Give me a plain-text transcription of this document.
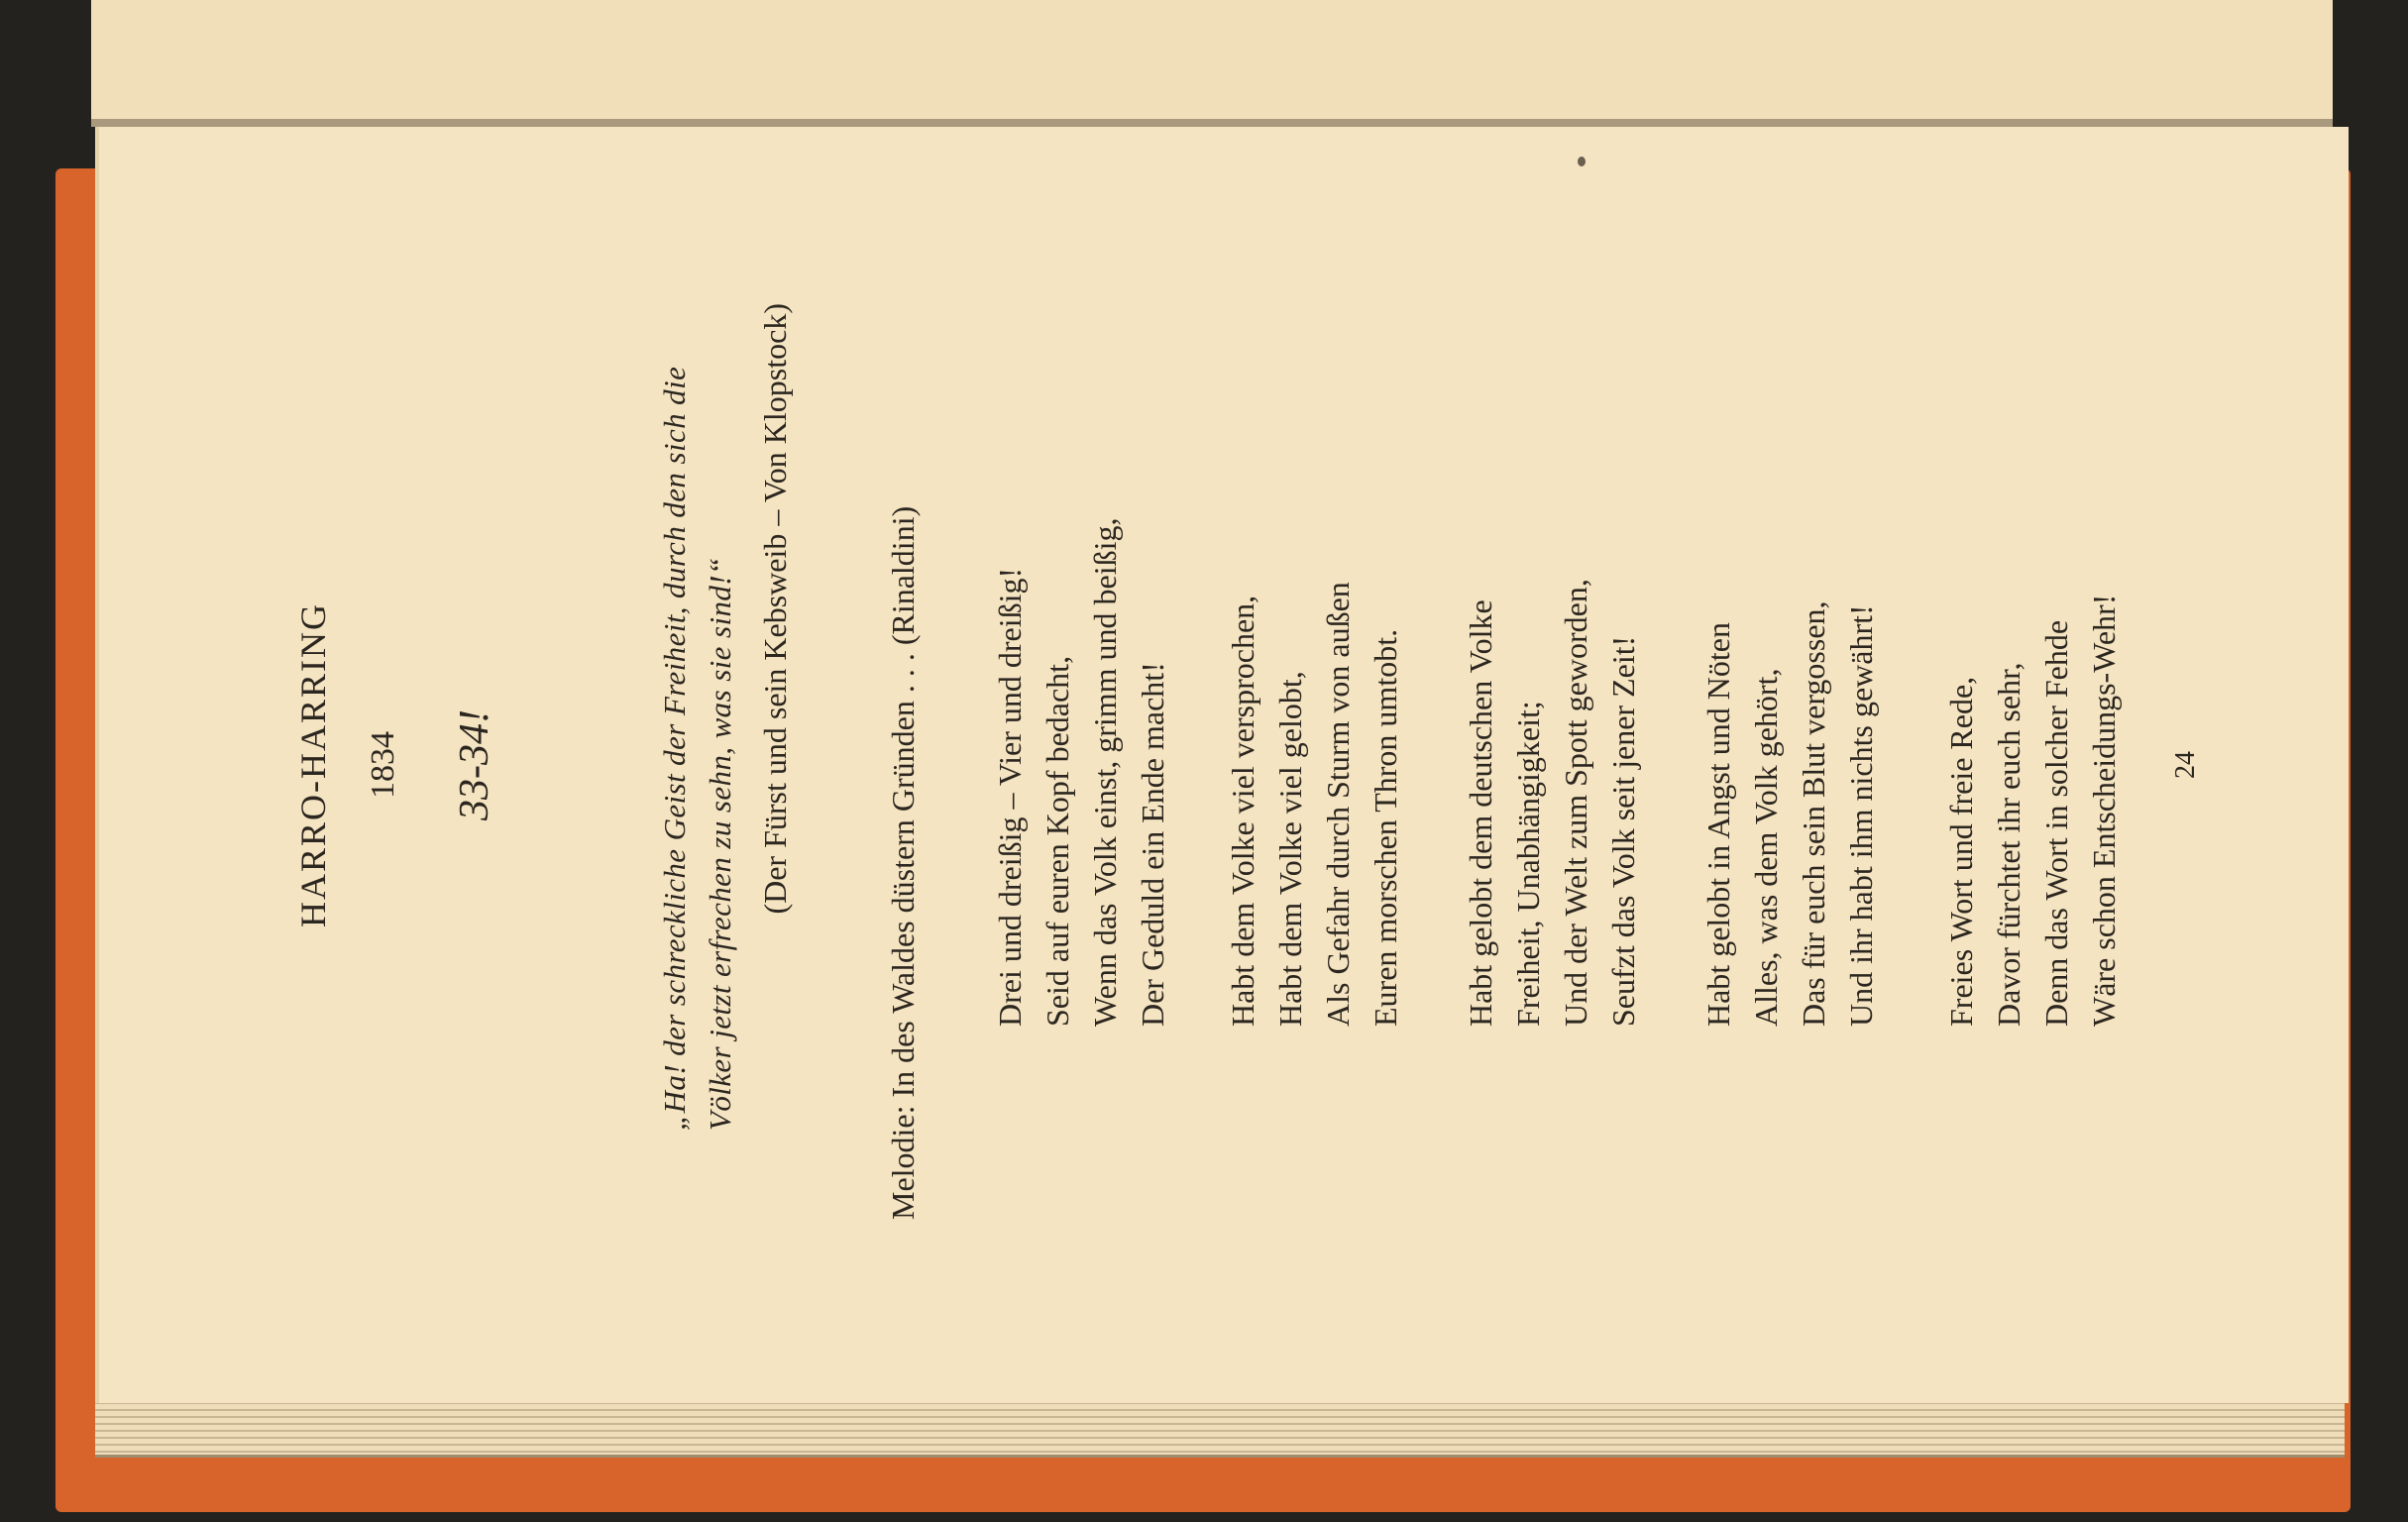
HARRO-HARRING 1834 33-34!	„Ha! der schreckliche Geist der Freiheit, durch den sich die Völker jetzt erfrechen zu sehn, was sie sind!“ (Der Fürst und sein Kebsweib – Von Klopstock)	Melodie: In des Waldes düstern Gründen . . . (Rinaldini) Drei und dreißig – Vier und dreißig! Seid auf euren Kopf bedacht, Wenn das Volk einst, grimm und beißig, Der Geduld ein Ende macht! Habt dem Volke viel versprochen, Habt dem Volke viel gelobt, Als Gefahr durch Sturm von außen Euren morschen Thron umtobt. Habt gelobt dem deutschen Volke Freiheit, Unabhängigkeit; Und der Welt zum Spott geworden, Seufzt das Volk seit jener Zeit! Habt gelobt in Angst und Nöten Alles, was dem Volk gehört, Das für euch sein Blut vergossen, Und ihr habt ihm nichts gewährt! Freies Wort und freie Rede, Davor fürchtet ihr euch sehr, Denn das Wort in solcher Fehde Wäre schon Entscheidungs-Wehr! 24
